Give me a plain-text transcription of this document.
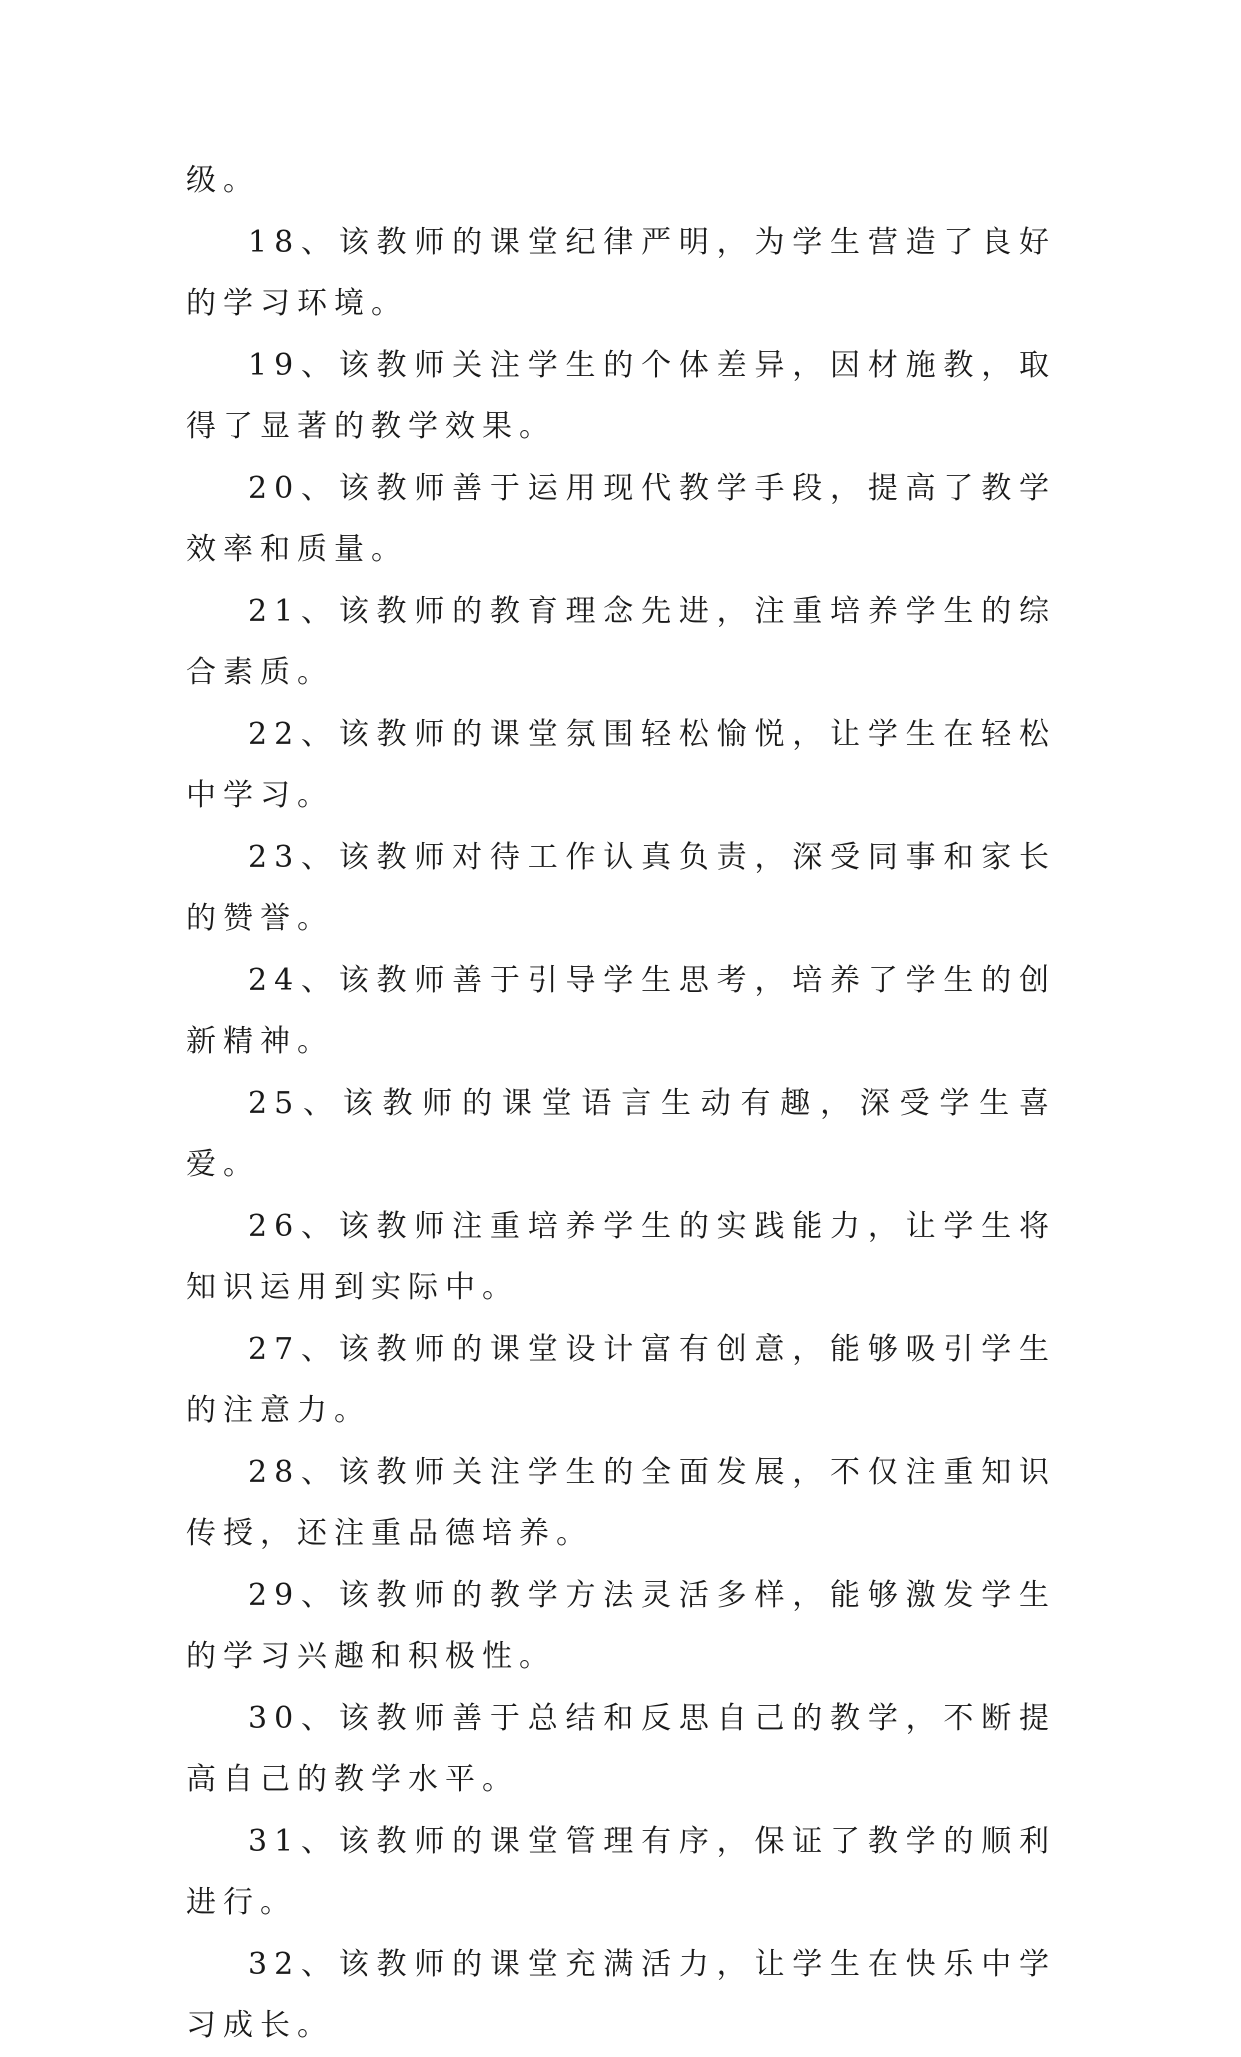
级。

18、该教师的课堂纪律严明，为学生营造了良好的学习环境。

19、该教师关注学生的个体差异，因材施教，取得了显著的教学效果。

20、该教师善于运用现代教学手段，提高了教学效率和质量。

21、该教师的教育理念先进，注重培养学生的综合素质。

22、该教师的课堂氛围轻松愉悦，让学生在轻松中学习。

23、该教师对待工作认真负责，深受同事和家长的赞誉。

24、该教师善于引导学生思考，培养了学生的创新精神。

25、该教师的课堂语言生动有趣，深受学生喜爱。

26、该教师注重培养学生的实践能力，让学生将知识运用到实际中。

27、该教师的课堂设计富有创意，能够吸引学生的注意力。

28、该教师关注学生的全面发展，不仅注重知识传授，还注重品德培养。

29、该教师的教学方法灵活多样，能够激发学生的学习兴趣和积极性。

30、该教师善于总结和反思自己的教学，不断提高自己的教学水平。

31、该教师的课堂管理有序，保证了教学的顺利进行。

32、该教师的课堂充满活力，让学生在快乐中学习成长。
